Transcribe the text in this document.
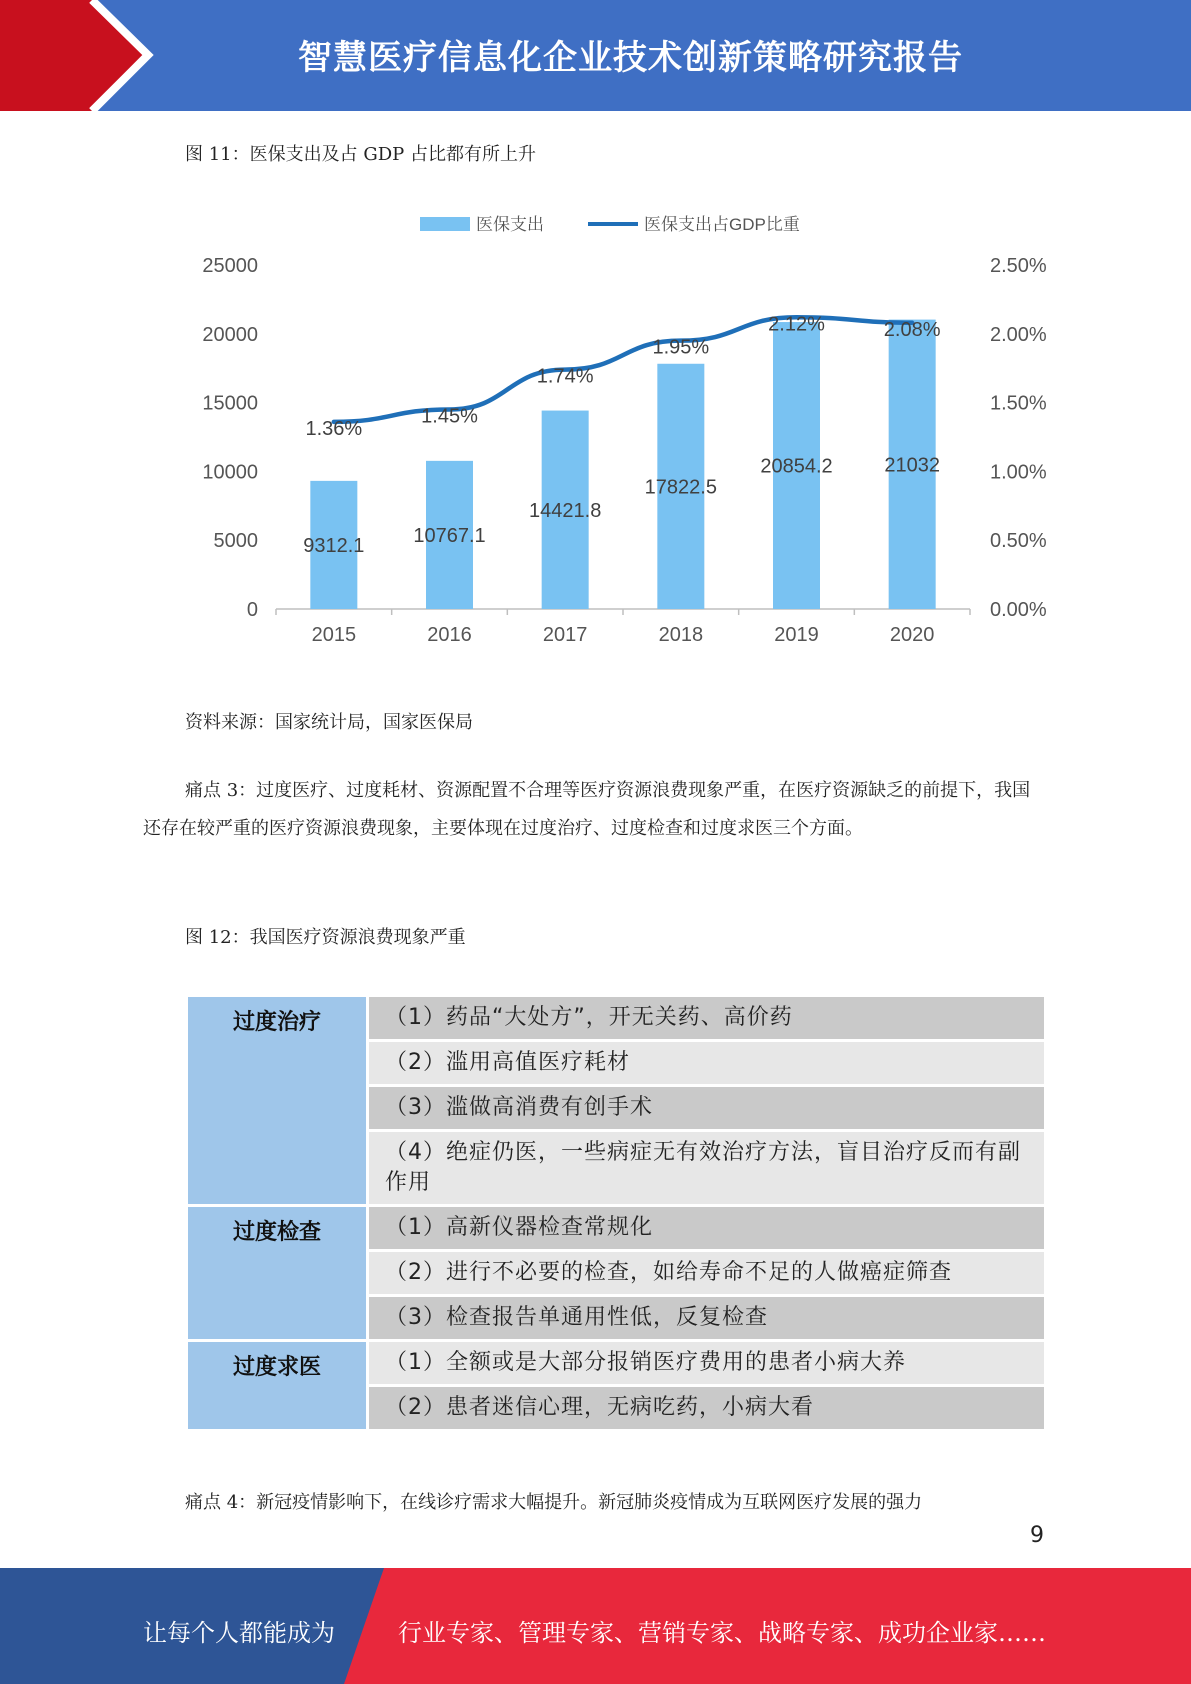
智慧医疗信息化企业技术创新策略研究报告
图 11：医保支出及占 GDP 占比都有所上升
医保支出	医保支出占GDP比重
0
5000
10000
15000
20000
25000
0.00%
0.50%
1.00%
1.50%
2.00%
2.50%
2015	2016	2017	2018	2019	2020
9312.1 10767.1
14421.8
17822.5
20854.2	21032
1.36%
1.45%
1.74%
1.95%
2.12%	2.08%
资料来源：国家统计局，国家医保局

痛点 3：过度医疗、过度耗材、资源配置不合理等医疗资源浪费现象严重，在医疗资源缺乏的前提下，我国还存在较严重的医疗资源浪费现象，主要体现在过度治疗、过度检查和过度求医三个方面。

图 12：我国医疗资源浪费现象严重
过度治疗	（1）药品“大处方”，开无关药、高价药
	（2）滥用高值医疗耗材
	（3）滥做高消费有创手术
	（4）绝症仍医，一些病症无有效治疗方法，盲目治疗反而有副作用

过度检查	（1）高新仪器检查常规化
	（2）进行不必要的检查，如给寿命不足的人做癌症筛查
	（3）检查报告单通用性低，反复检查

过度求医	（1）全额或是大部分报销医疗费用的患者小病大养
	（2）患者迷信心理，无病吃药，小病大看

痛点 4：新冠疫情影响下，在线诊疗需求大幅提升。新冠肺炎疫情成为互联网医疗发展的强力

9
让每个人都能成为	行业专家、管理专家、营销专家、战略专家、成功企业家……
